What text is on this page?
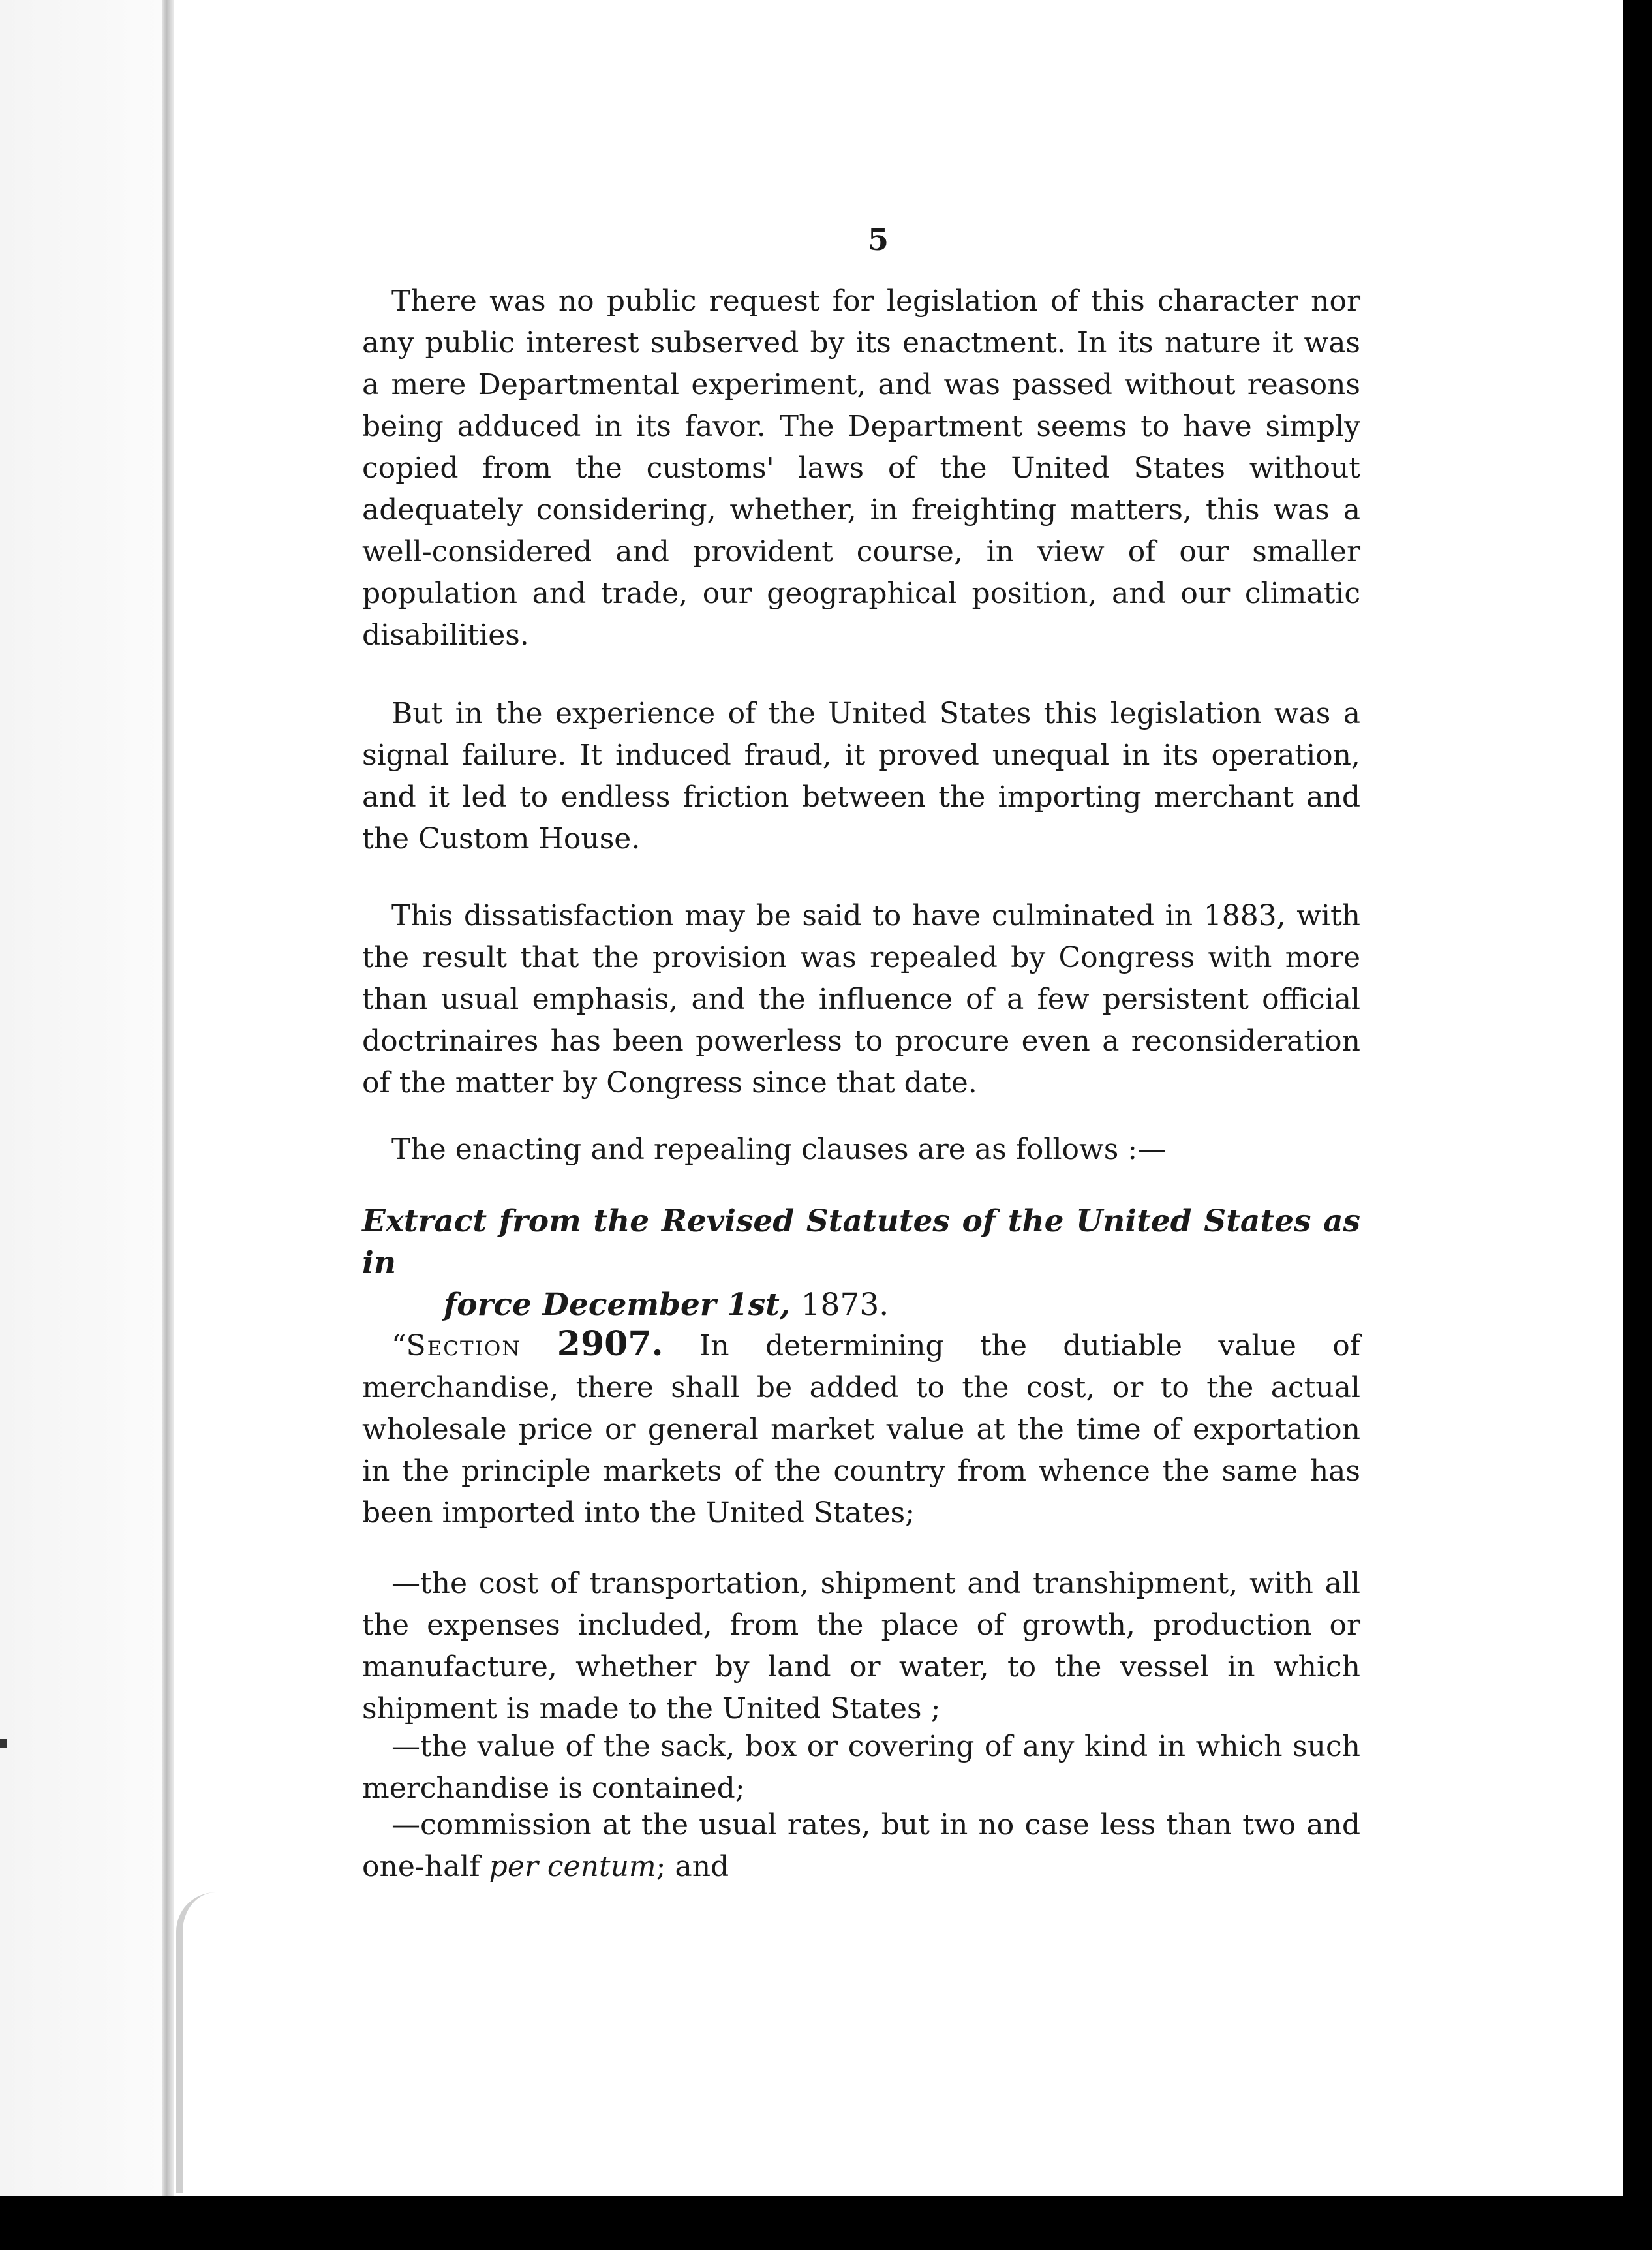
5

There was no public request for legislation of this character nor any public interest subserved by its enactment. In its nature it was a mere Departmental experiment, and was passed without reasons being adduced in its favor. The Department seems to have simply copied from the customs' laws of the United States without adequately considering, whether, in freighting matters, this was a well-considered and provident course, in view of our smaller population and trade, our geographical position, and our climatic disabilities.

But in the experience of the United States this legislation was a signal failure. It induced fraud, it proved unequal in its operation, and it led to endless friction between the importing merchant and the Custom House.

This dissatisfaction may be said to have culminated in 1883, with the result that the provision was repealed by Congress with more than usual emphasis, and the influence of a few persistent official doctrinaires has been powerless to procure even a reconsideration of the matter by Congress since that date.

The enacting and repealing clauses are as follows :—

Extract from the Revised Statutes of the United States as in
force December 1st, 1873.

“Section 2907. In determining the dutiable value of merchandise, there shall be added to the cost, or to the actual wholesale price or general market value at the time of exportation in the principle markets of the country from whence the same has been imported into the United States;

—the cost of transportation, shipment and transhipment, with all the expenses included, from the place of growth, production or manufacture, whether by land or water, to the vessel in which shipment is made to the United States ;

—the value of the sack, box or covering of any kind in which such merchandise is contained;

—commission at the usual rates, but in no case less than two and one-half per centum; and
